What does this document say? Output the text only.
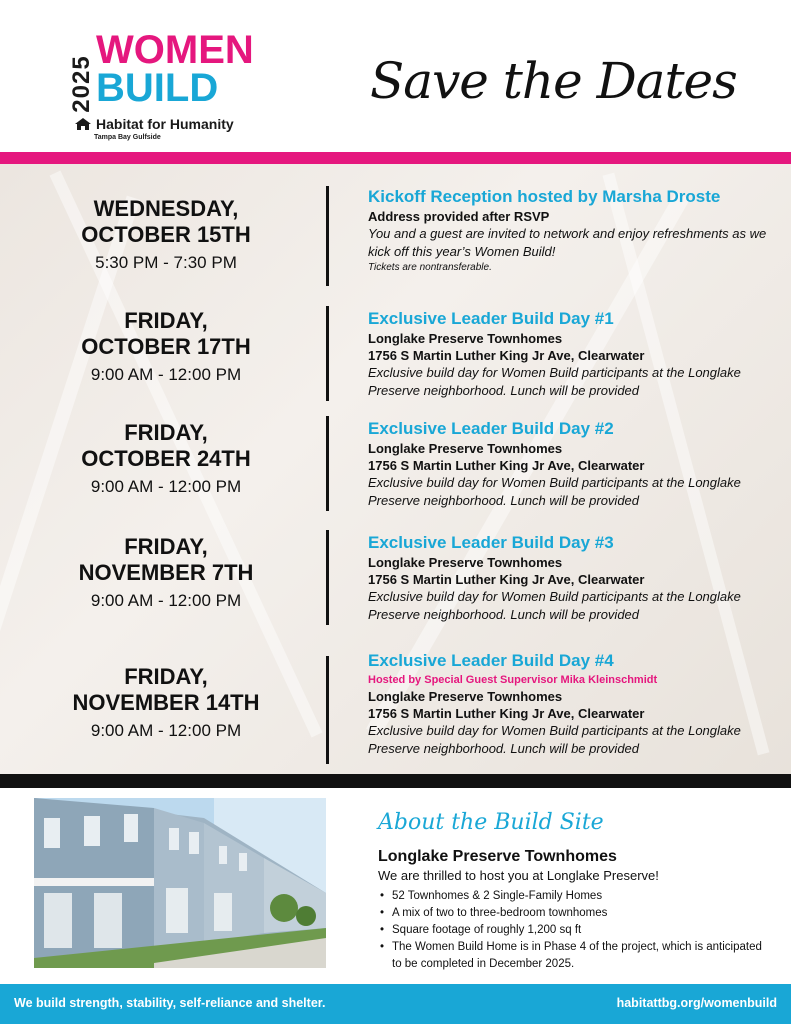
2025
WOMEN
BUILD
Habitat for Humanity
Tampa Bay Gulfside
Save the Dates
WEDNESDAY,
OCTOBER 15TH
5:30 PM - 7:30 PM
Kickoff Reception hosted by Marsha Droste
Address provided after RSVP
You and a guest are invited to network and enjoy refreshments as we kick off this year’s Women Build!
Tickets are nontransferable.
FRIDAY,
OCTOBER 17TH
9:00 AM - 12:00 PM
Exclusive Leader Build Day #1
Longlake Preserve Townhomes
1756 S Martin Luther King Jr Ave, Clearwater
Exclusive build day for Women Build participants at the Longlake Preserve neighborhood. Lunch will be provided
FRIDAY,
OCTOBER 24TH
9:00 AM - 12:00 PM
Exclusive Leader Build Day #2
Longlake Preserve Townhomes
1756 S Martin Luther King Jr Ave, Clearwater
Exclusive build day for Women Build participants at the Longlake Preserve neighborhood. Lunch will be provided
FRIDAY,
NOVEMBER 7TH
9:00 AM - 12:00 PM
Exclusive Leader Build Day #3
Longlake Preserve Townhomes
1756 S Martin Luther King Jr Ave, Clearwater
Exclusive build day for Women Build participants at the Longlake Preserve neighborhood. Lunch will be provided
FRIDAY,
NOVEMBER 14TH
9:00 AM - 12:00 PM
Exclusive Leader Build Day #4
Hosted by Special Guest Supervisor Mika Kleinschmidt
Longlake Preserve Townhomes
1756 S Martin Luther King Jr Ave, Clearwater
Exclusive build day for Women Build participants at the Longlake Preserve neighborhood. Lunch will be provided
About the Build Site
Longlake Preserve Townhomes
We are thrilled to host you at Longlake Preserve!
• 52 Townhomes & 2 Single-Family Homes
• A mix of two to three-bedroom townhomes
• Square footage of roughly 1,200 sq ft
• The Women Build Home is in Phase 4 of the project, which is anticipated to be completed in December 2025.
We build strength, stability, self-reliance and shelter.	habitattbg.org/womenbuild
